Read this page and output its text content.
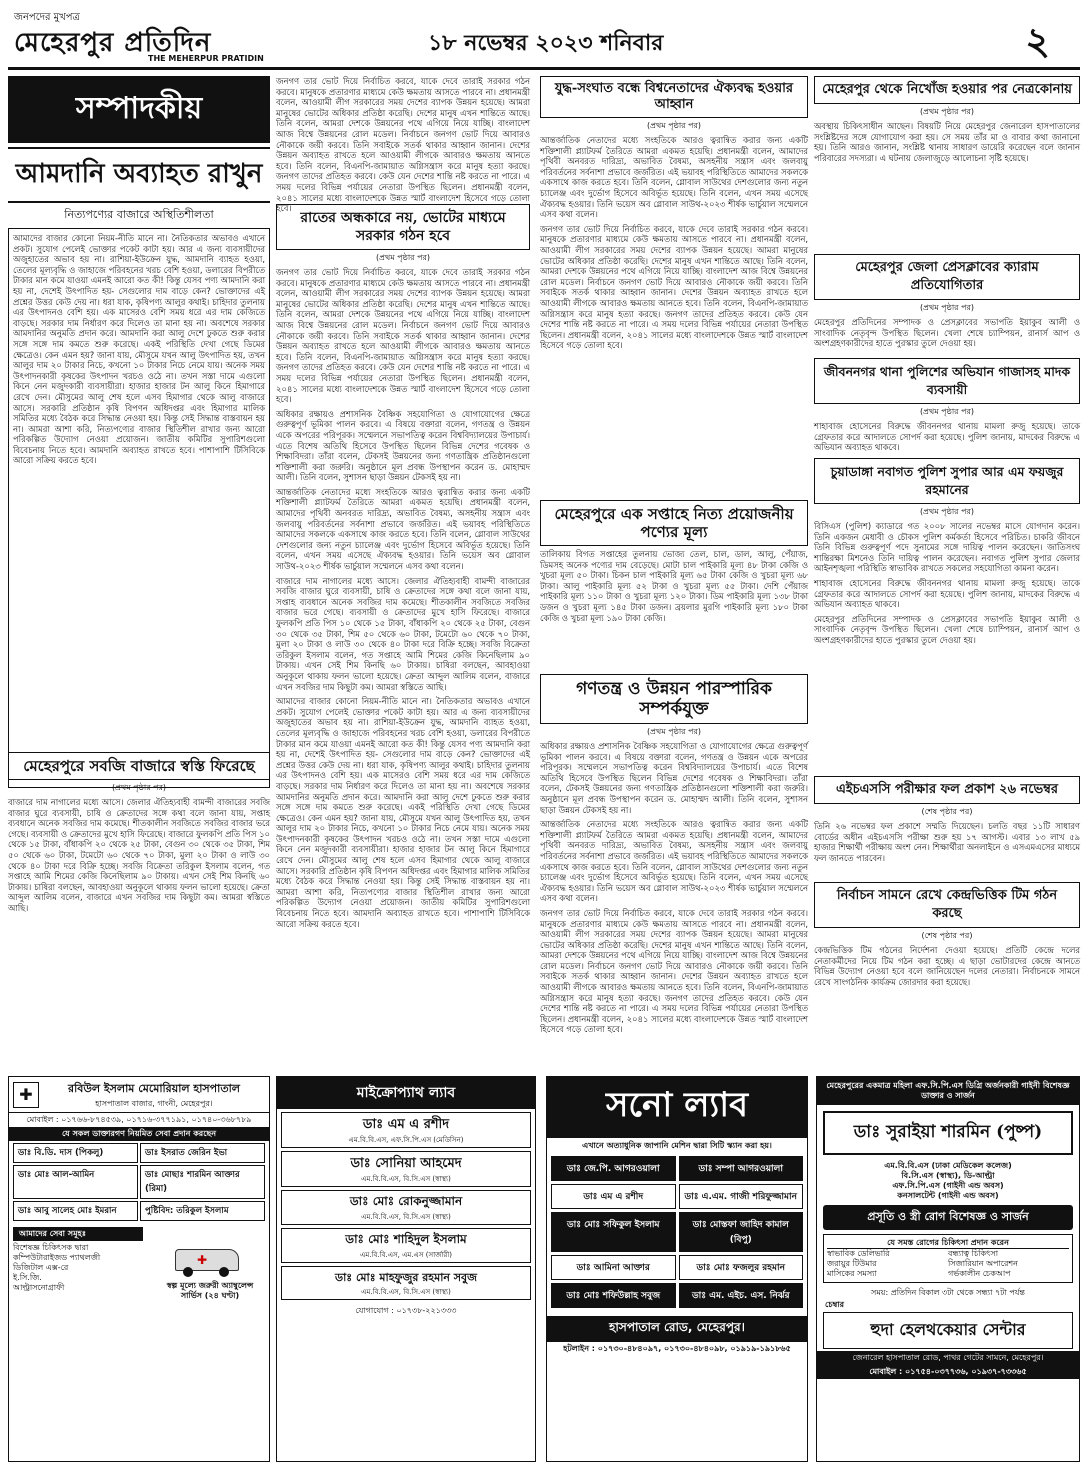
জনপদের মুখপত্র
মেহেরপুর প্রতিদিন
THE MEHERPUR PRATIDIN
১৮ নভেম্বর ২০২৩ শনিবার	২
সম্পাদকীয়
আমদানি অব্যাহত রাখুন
নিত্যপণ্যের বাজারে অস্থিতিশীলতা
আমাদের বাজার কোনো নিয়ম-নীতি মানে না। নৈতিকতার অভাবও এখানে প্রকট। সুযোগ পেলেই ভোক্তার পকেট কাটা হয়। আর এ জন্য ব্যবসায়ীদের অজুহাতের অভাব হয় না। রাশিয়া-ইউক্রেন যুদ্ধ, আমদানি ব্যাহত হওয়া, তেলের মূল্যবৃদ্ধি ও জাহাজে পরিবহনের খরচ বেশি হওয়া, ডলারের বিপরীতে টাকার মান কমে যাওয়া এমনই আরো কত কী! কিন্তু যেসব পণ্য আমদানি করা হয় না, দেশেই উৎপাদিত হয়- সেগুলোর দাম বাড়ে কেন? ভোক্তাদের এই প্রশ্নের উত্তর কেউ দেয় না। ধরা যাক, কৃষিপণ্য আলুর কথাই। চাহিদার তুলনায় এর উৎপাদনও বেশি হয়। এক মাসেরও বেশি সময় ধরে এর দাম কেজিতে বাড়ছে। সরকার দাম নির্ধারণ করে দিলেও তা মানা হয় না। অবশেষে সরকার আমদানির অনুমতি প্রদান করে। আমদানি করা আলু দেশে ঢুকতে শুরু করার সঙ্গে সঙ্গে দাম কমতে শুরু করেছে। একই পরিস্থিতি দেখা গেছে ডিমের ক্ষেত্রেও। কেন এমন হয়? জানা যায়, মৌসুমে যখন আলু উৎপাদিত হয়, তখন আলুর দাম ২০ টাকার নিচে, কখনো ১০ টাকার নিচে নেমে যায়। অনেক সময় উৎপাদনকারী কৃষকের উৎপাদন খরচও ওঠে না। তখন সস্তা দামে এগুলো কিনে নেন মজুদকারী ব্যবসায়ীরা। হাজার হাজার টন আলু কিনে হিমাগারে রেখে দেন। মৌসুমের আলু শেষ হলে এসব হিমাগার থেকে আলু বাজারে আসে। সরকারি প্রতিষ্ঠান কৃষি বিপণন অধিদপ্তর এবং হিমাগার মালিক সমিতির মধ্যে বৈঠক করে সিদ্ধান্ত নেওয়া হয়। কিন্তু সেই সিদ্ধান্ত বাস্তবায়ন হয় না। আমরা আশা করি, নিত্যপণ্যের বাজার স্থিতিশীল রাখার জন্য আরো পরিকল্পিত উদ্যোগ নেওয়া প্রয়োজন। জাতীয় কমিটির সুপারিশগুলো বিবেচনায় নিতে হবে। আমদানি অব্যাহত রাখতে হবে। পাশাপাশি টিসিবিকে আরো সক্রিয় করতে হবে।
মেহেরপুরে সবজি বাজারে স্বস্তি ফিরেছে
(প্রথম পৃষ্ঠার পর)
বাজারে দাম নাগালের মধ্যে আসে। জেলার ঐতিহ্যবাহী বামন্দী বাজারের সবজি বাজার ঘুরে ব্যবসায়ী, চাষি ও ক্রেতাদের সঙ্গে কথা বলে জানা যায়, সপ্তাহ ব্যবধানে অনেক সবজির দাম কমেছে। শীতকালীন সবজিতে সবজির বাজার ভরে গেছে। ব্যবসায়ী ও ক্রেতাদের মুখে হাসি ফিরেছে। বাজারে ফুলকপি প্রতি পিস ১০ থেকে ১৫ টাকা, বাঁধাকপি ২০ থেকে ২৫ টাকা, বেগুন ৩০ থেকে ৩৫ টাকা, শিম ৫০ থেকে ৬০ টাকা, টমেটো ৬০ থেকে ৭০ টাকা, মুলা ২০ টাকা ও লাউ ৩০ থেকে ৪০ টাকা দরে বিক্রি হচ্ছে। সবজি বিক্রেতা তরিকুল ইসলাম বলেন, গত সপ্তাহে আমি শিমের কেজি কিনেছিলাম ৯০ টাকায়। এখন সেই শিম কিনছি ৬০ টাকায়। চাষিরা বলছেন, আবহাওয়া অনুকূলে থাকায় ফলন ভালো হয়েছে। ক্রেতা আব্দুল আলিম বলেন, বাজারে এখন সবজির দাম কিছুটা কম। আমরা স্বস্তিতে আছি।
জনগণ তার ভোট দিয়ে নির্বাচিত করবে, যাকে দেবে তারাই সরকার গঠন করবে। মানুষকে প্রতারণার মাধ্যমে কেউ ক্ষমতায় আসতে পারবে না। প্রধানমন্ত্রী বলেন, আওয়ামী লীগ সরকারের সময় দেশের ব্যাপক উন্নয়ন হয়েছে। আমরা মানুষের ভোটের অধিকার প্রতিষ্ঠা করেছি। দেশের মানুষ এখন শান্তিতে আছে। তিনি বলেন, আমরা দেশকে উন্নয়নের পথে এগিয়ে নিয়ে যাচ্ছি। বাংলাদেশ আজ বিশ্বে উন্নয়নের রোল মডেল। নির্বাচনে জনগণ ভোট দিয়ে আবারও নৌকাকে জয়ী করবে। তিনি সবাইকে সতর্ক থাকার আহ্বান জানান। দেশের উন্নয়ন অব্যাহত রাখতে হলে আওয়ামী লীগকে আবারও ক্ষমতায় আনতে হবে। তিনি বলেন, বিএনপি-জামায়াত অগ্নিসন্ত্রাস করে মানুষ হত্যা করছে। জনগণ তাদের প্রতিহত করবে। কেউ যেন দেশের শান্তি নষ্ট করতে না পারে। এ সময় দলের বিভিন্ন পর্যায়ের নেতারা উপস্থিত ছিলেন। প্রধানমন্ত্রী বলেন, ২০৪১ সালের মধ্যে বাংলাদেশকে উন্নত স্মার্ট বাংলাদেশ হিসেবে গড়ে তোলা হবে।
রাতের অন্ধকারে নয়, ভোটের মাধ্যমে সরকার গঠন হবে
(প্রথম পৃষ্ঠার পর)
জনগণ তার ভোট দিয়ে নির্বাচিত করবে, যাকে দেবে তারাই সরকার গঠন করবে। মানুষকে প্রতারণার মাধ্যমে কেউ ক্ষমতায় আসতে পারবে না। প্রধানমন্ত্রী বলেন, আওয়ামী লীগ সরকারের সময় দেশের ব্যাপক উন্নয়ন হয়েছে। আমরা মানুষের ভোটের অধিকার প্রতিষ্ঠা করেছি। দেশের মানুষ এখন শান্তিতে আছে। তিনি বলেন, আমরা দেশকে উন্নয়নের পথে এগিয়ে নিয়ে যাচ্ছি। বাংলাদেশ আজ বিশ্বে উন্নয়নের রোল মডেল। নির্বাচনে জনগণ ভোট দিয়ে আবারও নৌকাকে জয়ী করবে। তিনি সবাইকে সতর্ক থাকার আহ্বান জানান। দেশের উন্নয়ন অব্যাহত রাখতে হলে আওয়ামী লীগকে আবারও ক্ষমতায় আনতে হবে। তিনি বলেন, বিএনপি-জামায়াত অগ্নিসন্ত্রাস করে মানুষ হত্যা করছে। জনগণ তাদের প্রতিহত করবে। কেউ যেন দেশের শান্তি নষ্ট করতে না পারে। এ সময় দলের বিভিন্ন পর্যায়ের নেতারা উপস্থিত ছিলেন। প্রধানমন্ত্রী বলেন, ২০৪১ সালের মধ্যে বাংলাদেশকে উন্নত স্মার্ট বাংলাদেশ হিসেবে গড়ে তোলা হবে।
অধিকার রক্ষায়ও প্রশাসনিক বৈষ্ণিক সহযোগিতা ও যোগাযোগের ক্ষেত্রে গুরুত্বপূর্ণ ভূমিকা পালন করবে। এ বিষয়ে বক্তারা বলেন, গণতন্ত্র ও উন্নয়ন একে অপরের পরিপূরক। সম্মেলনে সভাপতিত্ব করেন বিশ্ববিদ্যালয়ের উপাচার্য। এতে বিশেষ অতিথি হিসেবে উপস্থিত ছিলেন বিভিন্ন দেশের গবেষক ও শিক্ষাবিদরা। তাঁরা বলেন, টেকসই উন্নয়নের জন্য গণতান্ত্রিক প্রতিষ্ঠানগুলো শক্তিশালী করা জরুরি। অনুষ্ঠানে মূল প্রবন্ধ উপস্থাপন করেন ড. মোহাম্মদ আলী। তিনি বলেন, সুশাসন ছাড়া উন্নয়ন টেকসই হয় না।
আন্তর্জাতিক নেতাদের মধ্যে সংহতিকে আরও ত্বরান্বিত করার জন্য একটি শক্তিশালী প্ল্যাটফর্ম তৈরিতে আমরা একমত হয়েছি। প্রধানমন্ত্রী বলেন, আমাদের পৃথিবী অনবরত দারিদ্র্য, অভাবিত বৈষম্য, অসহনীয় সন্ত্রাস এবং জলবায়ু পরিবর্তনের সর্বনাশা প্রভাবে জর্জরিত। এই ভয়াবহ পরিস্থিতিতে আমাদের সকলকে একসাথে কাজ করতে হবে। তিনি বলেন, গ্লোবাল সাউথের দেশগুলোর জন্য নতুন চ্যালেঞ্জ এবং দুর্ভোগ হিসেবে অবির্ভূত হয়েছে। তিনি বলেন, এখন সময় এসেছে ঐক্যবদ্ধ হওয়ার। তিনি ভয়েস অব গ্লোবাল সাউথ-২০২৩ শীর্ষক ভার্চুয়াল সম্মেলনে এসব কথা বলেন।
বাজারে দাম নাগালের মধ্যে আসে। জেলার ঐতিহ্যবাহী বামন্দী বাজারের সবজি বাজার ঘুরে ব্যবসায়ী, চাষি ও ক্রেতাদের সঙ্গে কথা বলে জানা যায়, সপ্তাহ ব্যবধানে অনেক সবজির দাম কমেছে। শীতকালীন সবজিতে সবজির বাজার ভরে গেছে। ব্যবসায়ী ও ক্রেতাদের মুখে হাসি ফিরেছে। বাজারে ফুলকপি প্রতি পিস ১০ থেকে ১৫ টাকা, বাঁধাকপি ২০ থেকে ২৫ টাকা, বেগুন ৩০ থেকে ৩৫ টাকা, শিম ৫০ থেকে ৬০ টাকা, টমেটো ৬০ থেকে ৭০ টাকা, মুলা ২০ টাকা ও লাউ ৩০ থেকে ৪০ টাকা দরে বিক্রি হচ্ছে। সবজি বিক্রেতা তরিকুল ইসলাম বলেন, গত সপ্তাহে আমি শিমের কেজি কিনেছিলাম ৯০ টাকায়। এখন সেই শিম কিনছি ৬০ টাকায়। চাষিরা বলছেন, আবহাওয়া অনুকূলে থাকায় ফলন ভালো হয়েছে। ক্রেতা আব্দুল আলিম বলেন, বাজারে এখন সবজির দাম কিছুটা কম। আমরা স্বস্তিতে আছি।
আমাদের বাজার কোনো নিয়ম-নীতি মানে না। নৈতিকতার অভাবও এখানে প্রকট। সুযোগ পেলেই ভোক্তার পকেট কাটা হয়। আর এ জন্য ব্যবসায়ীদের অজুহাতের অভাব হয় না। রাশিয়া-ইউক্রেন যুদ্ধ, আমদানি ব্যাহত হওয়া, তেলের মূল্যবৃদ্ধি ও জাহাজে পরিবহনের খরচ বেশি হওয়া, ডলারের বিপরীতে টাকার মান কমে যাওয়া এমনই আরো কত কী! কিন্তু যেসব পণ্য আমদানি করা হয় না, দেশেই উৎপাদিত হয়- সেগুলোর দাম বাড়ে কেন? ভোক্তাদের এই প্রশ্নের উত্তর কেউ দেয় না। ধরা যাক, কৃষিপণ্য আলুর কথাই। চাহিদার তুলনায় এর উৎপাদনও বেশি হয়। এক মাসেরও বেশি সময় ধরে এর দাম কেজিতে বাড়ছে। সরকার দাম নির্ধারণ করে দিলেও তা মানা হয় না। অবশেষে সরকার আমদানির অনুমতি প্রদান করে। আমদানি করা আলু দেশে ঢুকতে শুরু করার সঙ্গে সঙ্গে দাম কমতে শুরু করেছে। একই পরিস্থিতি দেখা গেছে ডিমের ক্ষেত্রেও। কেন এমন হয়? জানা যায়, মৌসুমে যখন আলু উৎপাদিত হয়, তখন আলুর দাম ২০ টাকার নিচে, কখনো ১০ টাকার নিচে নেমে যায়। অনেক সময় উৎপাদনকারী কৃষকের উৎপাদন খরচও ওঠে না। তখন সস্তা দামে এগুলো কিনে নেন মজুদকারী ব্যবসায়ীরা। হাজার হাজার টন আলু কিনে হিমাগারে রেখে দেন। মৌসুমের আলু শেষ হলে এসব হিমাগার থেকে আলু বাজারে আসে। সরকারি প্রতিষ্ঠান কৃষি বিপণন অধিদপ্তর এবং হিমাগার মালিক সমিতির মধ্যে বৈঠক করে সিদ্ধান্ত নেওয়া হয়। কিন্তু সেই সিদ্ধান্ত বাস্তবায়ন হয় না। আমরা আশা করি, নিত্যপণ্যের বাজার স্থিতিশীল রাখার জন্য আরো পরিকল্পিত উদ্যোগ নেওয়া প্রয়োজন। জাতীয় কমিটির সুপারিশগুলো বিবেচনায় নিতে হবে। আমদানি অব্যাহত রাখতে হবে। পাশাপাশি টিসিবিকে আরো সক্রিয় করতে হবে।
যুদ্ধ-সংঘাত বন্ধে বিশ্বনেতাদের ঐক্যবদ্ধ হওয়ার আহ্বান
(প্রথম পৃষ্ঠার পর)
আন্তর্জাতিক নেতাদের মধ্যে সংহতিকে আরও ত্বরান্বিত করার জন্য একটি শক্তিশালী প্ল্যাটফর্ম তৈরিতে আমরা একমত হয়েছি। প্রধানমন্ত্রী বলেন, আমাদের পৃথিবী অনবরত দারিদ্র্য, অভাবিত বৈষম্য, অসহনীয় সন্ত্রাস এবং জলবায়ু পরিবর্তনের সর্বনাশা প্রভাবে জর্জরিত। এই ভয়াবহ পরিস্থিতিতে আমাদের সকলকে একসাথে কাজ করতে হবে। তিনি বলেন, গ্লোবাল সাউথের দেশগুলোর জন্য নতুন চ্যালেঞ্জ এবং দুর্ভোগ হিসেবে অবির্ভূত হয়েছে। তিনি বলেন, এখন সময় এসেছে ঐক্যবদ্ধ হওয়ার। তিনি ভয়েস অব গ্লোবাল সাউথ-২০২৩ শীর্ষক ভার্চুয়াল সম্মেলনে এসব কথা বলেন।
জনগণ তার ভোট দিয়ে নির্বাচিত করবে, যাকে দেবে তারাই সরকার গঠন করবে। মানুষকে প্রতারণার মাধ্যমে কেউ ক্ষমতায় আসতে পারবে না। প্রধানমন্ত্রী বলেন, আওয়ামী লীগ সরকারের সময় দেশের ব্যাপক উন্নয়ন হয়েছে। আমরা মানুষের ভোটের অধিকার প্রতিষ্ঠা করেছি। দেশের মানুষ এখন শান্তিতে আছে। তিনি বলেন, আমরা দেশকে উন্নয়নের পথে এগিয়ে নিয়ে যাচ্ছি। বাংলাদেশ আজ বিশ্বে উন্নয়নের রোল মডেল। নির্বাচনে জনগণ ভোট দিয়ে আবারও নৌকাকে জয়ী করবে। তিনি সবাইকে সতর্ক থাকার আহ্বান জানান। দেশের উন্নয়ন অব্যাহত রাখতে হলে আওয়ামী লীগকে আবারও ক্ষমতায় আনতে হবে। তিনি বলেন, বিএনপি-জামায়াত অগ্নিসন্ত্রাস করে মানুষ হত্যা করছে। জনগণ তাদের প্রতিহত করবে। কেউ যেন দেশের শান্তি নষ্ট করতে না পারে। এ সময় দলের বিভিন্ন পর্যায়ের নেতারা উপস্থিত ছিলেন। প্রধানমন্ত্রী বলেন, ২০৪১ সালের মধ্যে বাংলাদেশকে উন্নত স্মার্ট বাংলাদেশ হিসেবে গড়ে তোলা হবে।
মেহেরপুরে এক সপ্তাহে নিত্য প্রয়োজনীয় পণ্যের মূল্য
তালিকায় বিগত সপ্তাহের তুলনায় ভোজ্য তেল, চাল, ডাল, আলু, পেঁয়াজ, ডিমসহ অনেক পণ্যের দাম বেড়েছে। মোটা চাল পাইকারি মূল্য ৪৮ টাকা কেজি ও খুচরা মূল্য ৫০ টাকা। চিকন চাল পাইকারি মূল্য ৬৫ টাকা কেজি ও খুচরা মূল্য ৬৮ টাকা। আলু পাইকারি মূল্য ৫২ টাকা ও খুচরা মূল্য ৫৫ টাকা। দেশি পেঁয়াজ পাইকারি মূল্য ১১০ টাকা ও খুচরা মূল্য ১২০ টাকা। ডিম পাইকারি মূল্য ১৩৮ টাকা ডজন ও খুচরা মূল্য ১৪৫ টাকা ডজন। ব্রয়লার মুরগি পাইকারি মূল্য ১৮০ টাকা কেজি ও খুচরা মূল্য ১৯০ টাকা কেজি।
গণতন্ত্র ও উন্নয়ন পারস্পারিক সম্পর্কযুক্ত
(প্রথম পৃষ্ঠার পর)
অধিকার রক্ষায়ও প্রশাসনিক বৈষ্ণিক সহযোগিতা ও যোগাযোগের ক্ষেত্রে গুরুত্বপূর্ণ ভূমিকা পালন করবে। এ বিষয়ে বক্তারা বলেন, গণতন্ত্র ও উন্নয়ন একে অপরের পরিপূরক। সম্মেলনে সভাপতিত্ব করেন বিশ্ববিদ্যালয়ের উপাচার্য। এতে বিশেষ অতিথি হিসেবে উপস্থিত ছিলেন বিভিন্ন দেশের গবেষক ও শিক্ষাবিদরা। তাঁরা বলেন, টেকসই উন্নয়নের জন্য গণতান্ত্রিক প্রতিষ্ঠানগুলো শক্তিশালী করা জরুরি। অনুষ্ঠানে মূল প্রবন্ধ উপস্থাপন করেন ড. মোহাম্মদ আলী। তিনি বলেন, সুশাসন ছাড়া উন্নয়ন টেকসই হয় না।
আন্তর্জাতিক নেতাদের মধ্যে সংহতিকে আরও ত্বরান্বিত করার জন্য একটি শক্তিশালী প্ল্যাটফর্ম তৈরিতে আমরা একমত হয়েছি। প্রধানমন্ত্রী বলেন, আমাদের পৃথিবী অনবরত দারিদ্র্য, অভাবিত বৈষম্য, অসহনীয় সন্ত্রাস এবং জলবায়ু পরিবর্তনের সর্বনাশা প্রভাবে জর্জরিত। এই ভয়াবহ পরিস্থিতিতে আমাদের সকলকে একসাথে কাজ করতে হবে। তিনি বলেন, গ্লোবাল সাউথের দেশগুলোর জন্য নতুন চ্যালেঞ্জ এবং দুর্ভোগ হিসেবে অবির্ভূত হয়েছে। তিনি বলেন, এখন সময় এসেছে ঐক্যবদ্ধ হওয়ার। তিনি ভয়েস অব গ্লোবাল সাউথ-২০২৩ শীর্ষক ভার্চুয়াল সম্মেলনে এসব কথা বলেন।
জনগণ তার ভোট দিয়ে নির্বাচিত করবে, যাকে দেবে তারাই সরকার গঠন করবে। মানুষকে প্রতারণার মাধ্যমে কেউ ক্ষমতায় আসতে পারবে না। প্রধানমন্ত্রী বলেন, আওয়ামী লীগ সরকারের সময় দেশের ব্যাপক উন্নয়ন হয়েছে। আমরা মানুষের ভোটের অধিকার প্রতিষ্ঠা করেছি। দেশের মানুষ এখন শান্তিতে আছে। তিনি বলেন, আমরা দেশকে উন্নয়নের পথে এগিয়ে নিয়ে যাচ্ছি। বাংলাদেশ আজ বিশ্বে উন্নয়নের রোল মডেল। নির্বাচনে জনগণ ভোট দিয়ে আবারও নৌকাকে জয়ী করবে। তিনি সবাইকে সতর্ক থাকার আহ্বান জানান। দেশের উন্নয়ন অব্যাহত রাখতে হলে আওয়ামী লীগকে আবারও ক্ষমতায় আনতে হবে। তিনি বলেন, বিএনপি-জামায়াত অগ্নিসন্ত্রাস করে মানুষ হত্যা করছে। জনগণ তাদের প্রতিহত করবে। কেউ যেন দেশের শান্তি নষ্ট করতে না পারে। এ সময় দলের বিভিন্ন পর্যায়ের নেতারা উপস্থিত ছিলেন। প্রধানমন্ত্রী বলেন, ২০৪১ সালের মধ্যে বাংলাদেশকে উন্নত স্মার্ট বাংলাদেশ হিসেবে গড়ে তোলা হবে।
মেহেরপুর থেকে নিখোঁজ হওয়ার পর নেত্রকোনায়
(প্রথম পৃষ্ঠার পর)
অবস্থায় চিকিৎসাধীন আছেন। বিষয়টি নিয়ে মেহেরপুর জেনারেল হাসপাতালের সংশ্লিষ্টদের সঙ্গে যোগাযোগ করা হয়। সে সময় তাঁর মা ও বাবার কথা জানানো হয়। তিনি আরও জানান, সংশ্লিষ্ট থানায় সাধারণ ডায়েরি করেছেন বলে জানান পরিবারের সদস্যরা। এ ঘটনায় জেলাজুড়ে আলোচনা সৃষ্টি হয়েছে।
মেহেরপুর জেলা প্রেসক্লাবের ক্যারাম প্রতিযোগিতার
(প্রথম পৃষ্ঠার পর)
মেহেরপুর প্রতিদিনের সম্পাদক ও প্রেসক্লাবের সভাপতি ইয়াকুব আলী ও সাংবাদিক নেতৃবৃন্দ উপস্থিত ছিলেন। খেলা শেষে চ্যাম্পিয়ন, রানার্স আপ ও অংশগ্রহণকারীদের হাতে পুরস্কার তুলে দেওয়া হয়।
জীবননগর থানা পুলিশের অভিযান গাজাসহ মাদক ব্যবসায়ী
(প্রথম পৃষ্ঠার পর)
শাহাবাজ হোসেনের বিরুদ্ধে জীবননগর থানায় মামলা রুজু হয়েছে। তাকে গ্রেফতার করে আদালতে সোপর্দ করা হয়েছে। পুলিশ জানায়, মাদকের বিরুদ্ধে এ অভিযান অব্যাহত থাকবে।
চুয়াডাঙ্গা নবাগত পুলিশ সুপার আর এম ফয়জুর রহমানের
(প্রথম পৃষ্ঠার পর)
বিসিএস (পুলিশ) ক্যাডারে গত ২০০৮ সালের নভেম্বর মাসে যোগদান করেন। তিনি একজন মেধাবী ও চৌকস পুলিশ কর্মকর্তা হিসেবে পরিচিত। চাকরি জীবনে তিনি বিভিন্ন গুরুত্বপূর্ণ পদে সুনামের সঙ্গে দায়িত্ব পালন করেছেন। জাতিসংঘ শান্তিরক্ষা মিশনেও তিনি দায়িত্ব পালন করেছেন। নবাগত পুলিশ সুপার জেলার আইনশৃঙ্খলা পরিস্থিতি স্বাভাবিক রাখতে সকলের সহযোগিতা কামনা করেন।
শাহাবাজ হোসেনের বিরুদ্ধে জীবননগর থানায় মামলা রুজু হয়েছে। তাকে গ্রেফতার করে আদালতে সোপর্দ করা হয়েছে। পুলিশ জানায়, মাদকের বিরুদ্ধে এ অভিযান অব্যাহত থাকবে।
মেহেরপুর প্রতিদিনের সম্পাদক ও প্রেসক্লাবের সভাপতি ইয়াকুব আলী ও সাংবাদিক নেতৃবৃন্দ উপস্থিত ছিলেন। খেলা শেষে চ্যাম্পিয়ন, রানার্স আপ ও অংশগ্রহণকারীদের হাতে পুরস্কার তুলে দেওয়া হয়।
এইচএসসি পরীক্ষার ফল প্রকাশ ২৬ নভেম্বর
(শেষ পৃষ্ঠার পর)
তিনি ২৬ নভেম্বর ফল প্রকাশে সম্মতি দিয়েছেন। চলতি বছর ১১টি সাধারণ বোর্ডের অধীন এইচএসসি পরীক্ষা শুরু হয় ১৭ আগস্ট। এবার ১৩ লাখ ৫৯ হাজার শিক্ষার্থী পরীক্ষায় অংশ নেন। শিক্ষার্থীরা অনলাইনে ও এসএমএসের মাধ্যমে ফল জানতে পারবেন।
নির্বাচন সামনে রেখে কেন্দ্রভিত্তিক টিম গঠন করছে
(শেষ পৃষ্ঠার পর)
কেন্দ্রভিত্তিক টিম গঠনের নির্দেশনা দেওয়া হয়েছে। প্রতিটি কেন্দ্রে দলের নেতাকর্মীদের নিয়ে টিম গঠন করা হচ্ছে। এ ছাড়া ভোটারদের কেন্দ্রে আনতে বিভিন্ন উদ্যোগ নেওয়া হবে বলে জানিয়েছেন দলের নেতারা। নির্বাচনকে সামনে রেখে সাংগঠনিক কার্যক্রম জোরদার করা হয়েছে।
✚	রবিউল ইসলাম মেমোরিয়াল হাসপাতাল
হাসপাতাল বাজার, গাংনী, মেহেরপুর।
মোবাইল : ০১৭৬৬-৮৭৪৫৩৯, ০১৭১৬-৩৭৭১৯১, ০১৭৪০-৩৬৮৭৮৯
যে সকল ডাক্তারগণ নিয়মিত সেবা প্রদান করছেন
ডাঃ বি.ডি. দাস (পিকলু)	ডাঃ ইসরাত জেরিন ইভা
ডাঃ মোঃ আল-আমিন	ডাঃ মোছাঃ শারমিন আক্তার (রিমা)
ডাঃ আবু সালেহ মোঃ ইমরান	পুষ্টিবিদ: তরিকুল ইসলাম
আমাদের সেবা সমূহঃ
বিশেষজ্ঞ চিকিৎসক দ্বারা
কম্পিউটারাইজড প্যাথলজী
ডিজিটাল এক্স-রে
ই.সি.জি.
আল্ট্রাসনোগ্রাফী
✚
স্বল্প মূল্যে জরুরী অ্যাম্বুলেন্স সার্ভিস (২৪ ঘণ্টা)
মাইক্রোপ্যাথ ল্যাব
ডাঃ এম এ রশীদ
এম.বি.বি.এস, এফ.সি.পি.এস (মেডিসিন)
ডাঃ সোনিয়া আহমেদ
এম.বি.বি.এস, বি.সি.এস (স্বাস্থ্য)
ডাঃ মোঃ রোকনুজ্জামান
এম.বি.বি.এস, বি.সি.এস (স্বাস্থ্য)
ডাঃ মোঃ শাহিদুল ইসলাম
এম.বি.বি.এস, এম.এস (সার্জারী)
ডাঃ মোঃ মাহফুজুর রহমান সবুজ
এম.বি.বি.এস, বি.সি.এস (স্বাস্থ্য)
যোগাযোগ : ০১৭৩৮-২২১৩৩৩
সনো ল্যাব
এখানে অত্যাধুনিক জাপানি মেশিন দ্বারা সিটি স্ক্যান করা হয়।
ডাঃ জে.পি. আগরওয়ালা	ডাঃ সম্পা আগরওয়ালা
ডাঃ এম এ রশীদ	ডাঃ এ.এম. গাজী শরিফুজ্জামান
ডাঃ মোঃ সফিকুল ইসলাম	ডাঃ মোস্তফা জাহিদ কামাল (বিপু)
ডাঃ আমিনা আক্তার	ডাঃ মোঃ ফজলুর রহমান
ডাঃ মোঃ শফিউল্লাহ সবুজ	ডাঃ এম. এইচ. এস. নির্ঝর
হাসপাতাল রোড, মেহেরপুর।
হটলাইন : ০১৭৩০-৪৮৪০৯৭, ০১৭৩০-৪৮৪০৯৮, ০১৯১৯-১৯১৮৬৫
মেহেরপুরের একমাত্র মহিলা এফ.সি.পি.এস ডিগ্রি অর্জনকারী গাইনী বিশেষজ্ঞ ডাক্তার ও সার্জন
ডাঃ সুরাইয়া শারমিন (পুষ্প)
এম.বি.বি.এস (ঢাকা মেডিকেল কলেজ)
বি.সি.এস (স্বাস্থ্য), ডি-আল্ট্রা
এফ.সি.পি.এস (গাইনী এন্ড অবস)
কনসালটেন্ট (গাইনী এন্ড অবস)
প্রসূতি ও স্ত্রী রোগ বিশেষজ্ঞ ও সার্জন
যে সমস্ত রোগের চিকিৎসা প্রদান করেন
স্বাভাবিক ডেলিভারি	বন্ধ্যাত্ব চিকিৎসা
জরায়ুর টিউমার	সিজারিয়ান অপারেশন
মাসিকের সমস্যা	গর্ভকালীন চেকআপ
সময়: প্রতিদিন বিকাল ৩টা থেকে সন্ধ্যা ৭টা পর্যন্ত
চেম্বার
হুদা হেলথকেয়ার সেন্টার
জেনারেল হাসপাতাল রোড, পাথর গেটের সামনে, মেহেরপুর।
মোবাইল : ০১৭৫৪-০৩৭৭৩৬, ০১৯৩৭-৭৩৩৬৫
